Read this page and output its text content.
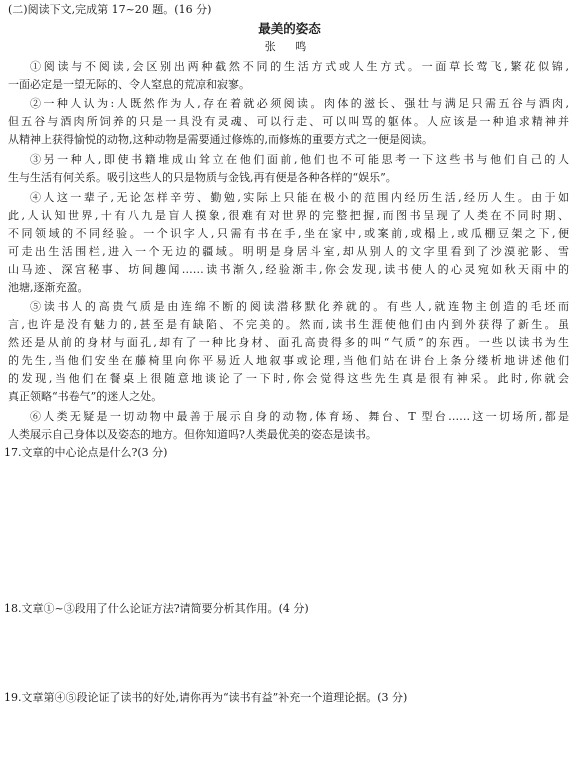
(二)阅读下文,完成第 17~20 题。(16 分)
最美的姿态
张 鸣
①阅读与不阅读,会区别出两种截然不同的生活方式或人生方式。一面草长莺飞,繁花似锦,
一面必定是一望无际的、令人窒息的荒凉和寂寥。
②一种人认为:人既然作为人,存在着就必须阅读。肉体的滋长、强壮与满足只需五谷与酒肉,
但五谷与酒肉所饲养的只是一具没有灵魂、可以行走、可以叫骂的躯体。人应该是一种追求精神并
从精神上获得愉悦的动物,这种动物是需要通过修炼的,而修炼的重要方式之一便是阅读。
③另一种人,即使书籍堆成山耸立在他们面前,他们也不可能思考一下这些书与他们自己的人
生与生活有何关系。吸引这些人的只是物质与金钱,再有便是各种各样的“娱乐”。
④人这一辈子,无论怎样辛劳、勤勉,实际上只能在极小的范围内经历生活,经历人生。由于如
此,人认知世界,十有八九是盲人摸象,很难有对世界的完整把握,而图书呈现了人类在不同时期、
不同领域的不同经验。一个识字人,只需有书在手,坐在家中,或案前,或榻上,或瓜棚豆架之下,便
可走出生活围栏,进入一个无边的疆域。明明是身居斗室,却从别人的文字里看到了沙漠驼影、雪
山马迹、深宫秘事、坊间趣闻……读书渐久,经验渐丰,你会发现,读书使人的心灵宛如秋天雨中的
池塘,逐渐充盈。
⑤读书人的高贵气质是由连绵不断的阅读潜移默化养就的。有些人,就连物主创造的毛坯而
言,也许是没有魅力的,甚至是有缺陷、不完美的。然而,读书生涯使他们由内到外获得了新生。虽
然还是从前的身材与面孔,却有了一种比身材、面孔高贵得多的叫“气质”的东西。一些以读书为生
的先生,当他们安坐在藤椅里向你平易近人地叙事或论理,当他们站在讲台上条分缕析地讲述他们
的发现,当他们在餐桌上很随意地谈论了一下时,你会觉得这些先生真是很有神采。此时,你就会
真正领略“书卷气”的迷人之处。
⑥人类无疑是一切动物中最善于展示自身的动物,体育场、舞台、T 型台……这一切场所,都是
人类展示自己身体以及姿态的地方。但你知道吗?人类最优美的姿态是读书。
17.文章的中心论点是什么?(3 分)
18.文章①~③段用了什么论证方法?请简要分析其作用。(4 分)
19.文章第④⑤段论证了读书的好处,请你再为“读书有益”补充一个道理论据。(3 分)
